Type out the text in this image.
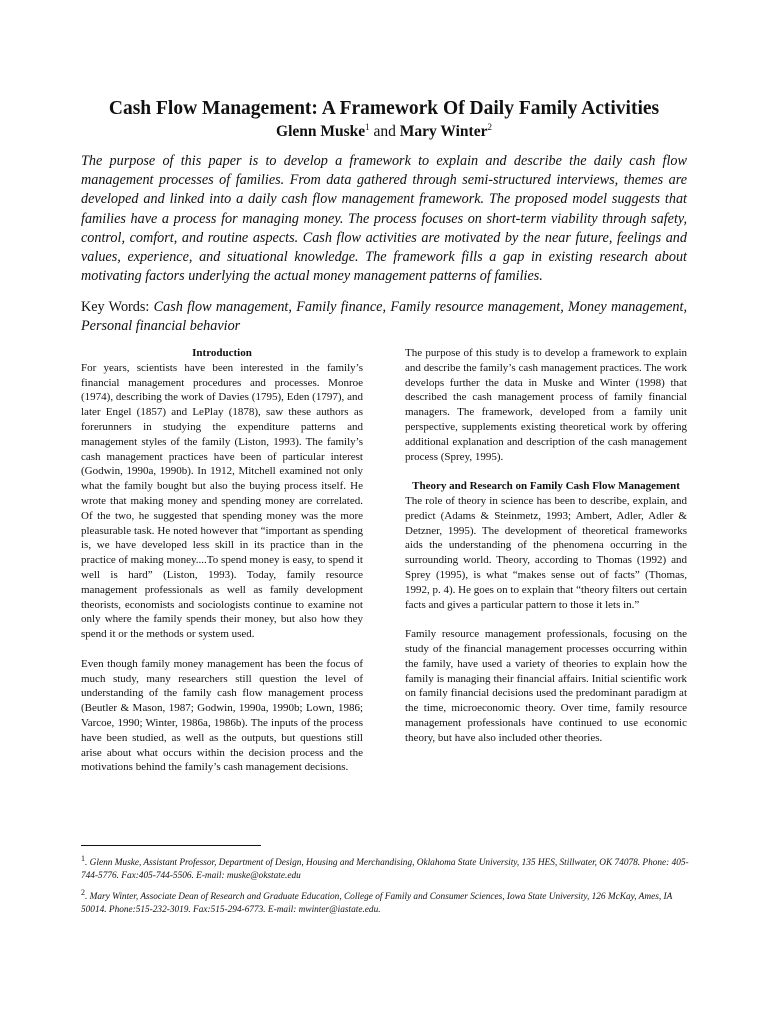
Cash Flow Management: A Framework Of Daily Family Activities
Glenn Muske$^1$ and Mary Winter$^2$

The purpose of this paper is to develop a framework to explain and describe the daily cash flow management processes of families. From data gathered through semi-structured interviews, themes are developed and linked into a daily cash flow management framework. The proposed model suggests that families have a process for managing money. The process focuses on short-term viability through safety, control, comfort, and routine aspects. Cash flow activities are motivated by the near future, feelings and values, experience, and situational knowledge. The framework fills a gap in existing research about motivating factors underlying the actual money management patterns of families.

Key Words: Cash flow management, Family finance, Family resource management, Money management, Personal financial behavior

Introduction

For years, scientists have been interested in the family’s financial management procedures and processes. Monroe (1974), describing the work of Davies (1795), Eden (1797), and later Engel (1857) and LePlay (1878), saw these authors as forerunners in studying the expenditure patterns and management styles of the family (Liston, 1993). The family’s cash management practices have been of particular interest (Godwin, 1990a, 1990b). In 1912, Mitchell examined not only what the family bought but also the buying process itself. He wrote that making money and spending money are correlated. Of the two, he suggested that spending money was the more pleasurable task. He noted however that “important as spending is, we have developed less skill in its practice than in the practice of making money....To spend money is easy, to spend it well is hard” (Liston, 1993). Today, family resource management professionals as well as family development theorists, economists and sociologists continue to examine not only where the family spends their money, but also how they spend it or the methods or system used.

Even though family money management has been the focus of much study, many researchers still question the level of understanding of the family cash flow management process (Beutler & Mason, 1987; Godwin, 1990a, 1990b; Lown, 1986; Varcoe, 1990; Winter, 1986a, 1986b). The inputs of the process have been studied, as well as the outputs, but questions still arise about what occurs within the decision process and the motivations behind the family’s cash management decisions.

The purpose of this study is to develop a framework to explain and describe the family’s cash management practices. The work develops further the data in Muske and Winter (1998) that described the cash management process of family financial managers. The framework, developed from a family unit perspective, supplements existing theoretical work by offering additional explanation and description of the cash management process (Sprey, 1995).

Theory and Research on Family Cash Flow Management

The role of theory in science has been to describe, explain, and predict (Adams & Steinmetz, 1993; Ambert, Adler, Adler & Detzner, 1995). The development of theoretical frameworks aids the understanding of the phenomena occurring in the surrounding world. Theory, according to Thomas (1992) and Sprey (1995), is what “makes sense out of facts” (Thomas, 1992, p. 4). He goes on to explain that “theory filters out certain facts and gives a particular pattern to those it lets in.”

Family resource management professionals, focusing on the study of the financial management processes occurring within the family, have used a variety of theories to explain how the family is managing their financial affairs. Initial scientific work on family financial decisions used the predominant paradigm at the time, microeconomic theory. Over time, family resource management professionals have continued to use economic theory, but have also included other theories.

$^1$. Glenn Muske, Assistant Professor, Department of Design, Housing and Merchandising, Oklahoma State University, 135 HES, Stillwater, OK 74078. Phone: 405-744-5776. Fax:405-744-5506. E-mail: muske@okstate.edu

$^2$. Mary Winter, Associate Dean of Research and Graduate Education, College of Family and Consumer Sciences, Iowa State University, 126 McKay, Ames, IA 50014. Phone:515-232-3019. Fax:515-294-6773. E-mail: mwinter@iastate.edu.
